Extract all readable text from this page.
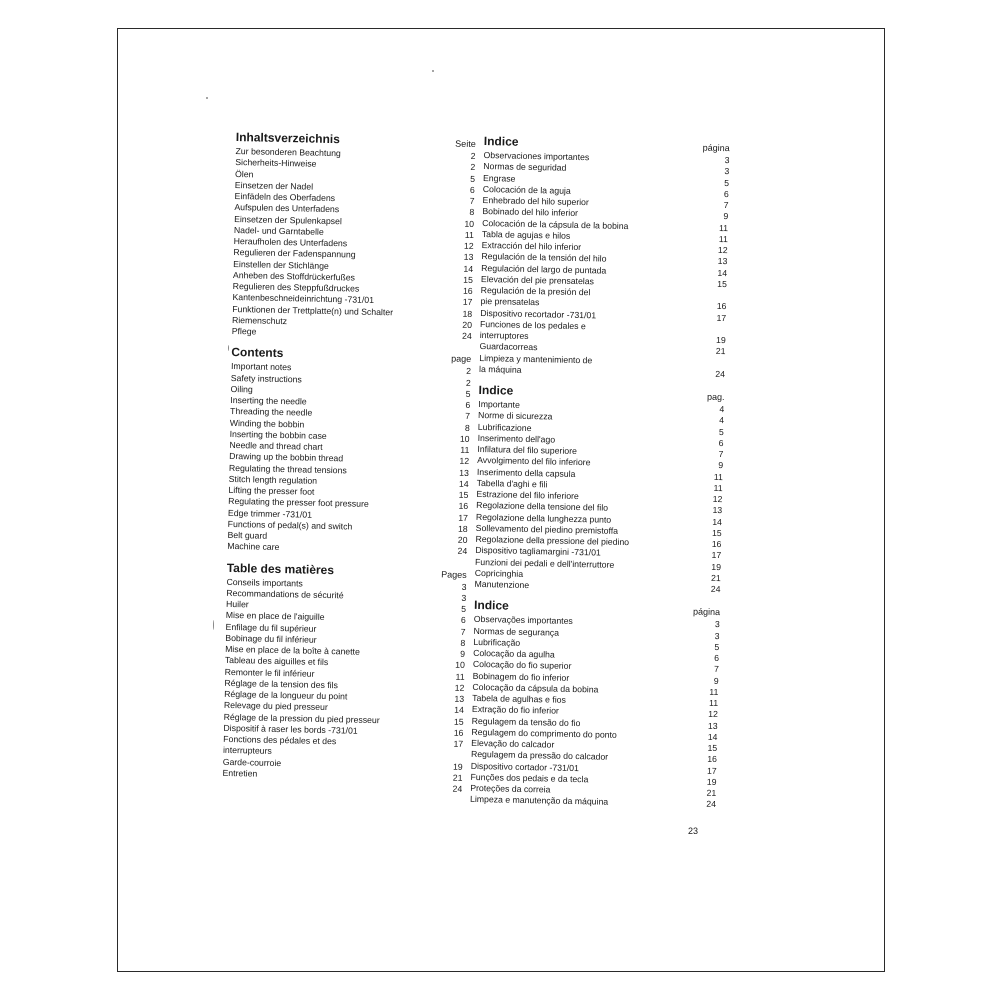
Inhaltsverzeichnis	Seite
Zur besonderen Beachtung	2
Sicherheits-Hinweise	2
Ölen	5
Einsetzen der Nadel	6
Einfädeln des Oberfadens	7
Aufspulen des Unterfadens	8
Einsetzen der Spulenkapsel	10
Nadel- und Garntabelle	11
Heraufholen des Unterfadens	12
Regulieren der Fadenspannung	13
Einstellen der Stichlänge	14
Anheben des Stoffdrückerfußes	15
Regulieren des Steppfußdruckes	16
Kantenbeschneideinrichtung -731/01	17
Funktionen der Trettplatte(n) und Schalter	18
Riemenschutz	20
Pflege	24
Contents	page
Important notes	2
Safety instructions	2
Oiling	5
Inserting the needle	6
Threading the needle	7
Winding the bobbin	8
Inserting the bobbin case	10
Needle and thread chart	11
Drawing up the bobbin thread	12
Regulating the thread tensions	13
Stitch length regulation	14
Lifting the presser foot	15
Regulating the presser foot pressure	16
Edge trimmer -731/01	17
Functions of pedal(s) and switch	18
Belt guard	20
Machine care	24
Table des matières	Pages
Conseils importants	3
Recommandations de sécurité	3
Huiler	5
Mise en place de l'aiguille	6
Enfilage du fil supérieur	7
Bobinage du fil inférieur	8
Mise en place de la boîte à canette	9
Tableau des aiguilles et fils	10
Remonter le fil inférieur	11
Réglage de la tension des fils	12
Réglage de la longueur du point	13
Relevage du pied presseur	14
Réglage de la pression du pied presseur	15
Dispositif à raser les bords -731/01	16
Fonctions des pédales et des	17
interrupteurs
Garde-courroie	19
Entretien	21
24
Indice	página
Observaciones importantes	3
Normas de seguridad	3
Engrase	5
Colocación de la aguja	6
Enhebrado del hilo superior	7
Bobinado del hilo inferior	9
Colocación de la cápsula de la bobina	11
Tabla de agujas e hilos	11
Extracción del hilo inferior	12
Regulación de la tensión del hilo	13
Regulación del largo de puntada	14
Elevación del pie prensatelas	15
Regulación de la presión del
pie prensatelas	16
Dispositivo recortador -731/01	17
Funciones de los pedales e
interruptores	19
Guardacorreas	21
Limpieza y mantenimiento de
la máquina	24
Indice	pag.
Importante	4
Norme di sicurezza	4
Lubrificazione	5
Inserimento dell'ago	6
Infilatura del filo superiore	7
Avvolgimento del filo inferiore	9
Inserimento della capsula	11
Tabella d'aghi e fili	11
Estrazione del filo inferiore	12
Regolazione della tensione del filo	13
Regolazione della lunghezza punto	14
Sollevamento del piedino premistoffa	15
Regolazione della pressione del piedino	16
Dispositivo tagliamargini -731/01	17
Funzioni dei pedali e dell'interruttore	19
Copricinghia	21
Manutenzione	24
Indice	página
Observações importantes	3
Normas de segurança	3
Lubrificação	5
Colocação da agulha	6
Colocação do fio superior	7
Bobinagem do fio inferior	9
Colocação da cápsula da bobina	11
Tabela de agulhas e fios	11
Extração do fio inferior	12
Regulagem da tensão do fio	13
Regulagem do comprimento do ponto	14
Elevação do calcador	15
Regulagem da pressão do calcador	16
Dispositivo cortador -731/01	17
Funções dos pedais e da tecla	19
Proteções da correia	21
Limpeza e manutenção da máquina	24
23
